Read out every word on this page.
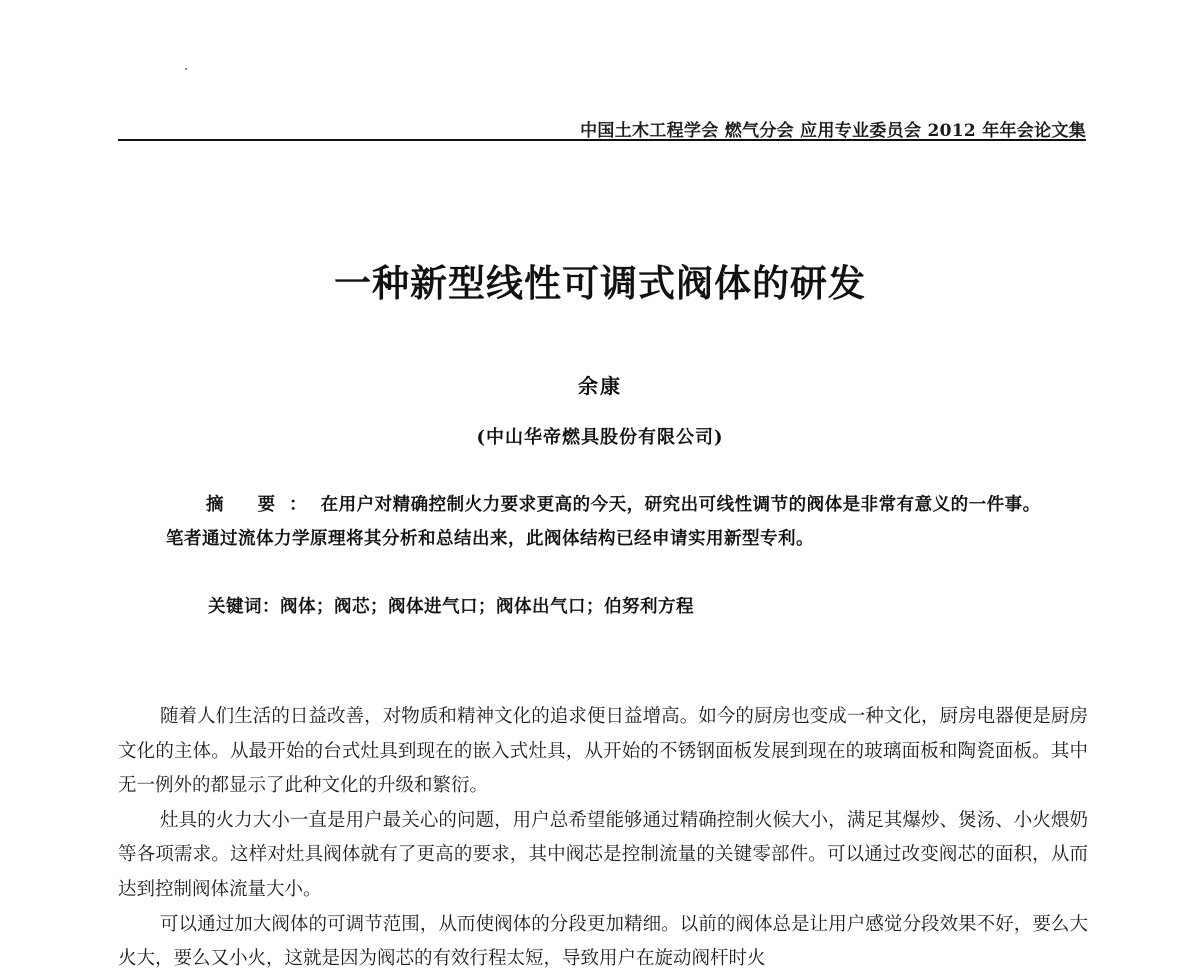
中国土木工程学会 燃气分会 应用专业委员会 2012 年年会论文集
一种新型线性可调式阀体的研发
余康
(中山华帝燃具股份有限公司)
摘 要：在用户对精确控制火力要求更高的今天，研究出可线性调节的阀体是非常有意义的一件事。笔者通过流体力学原理将其分析和总结出来，此阀体结构已经申请实用新型专利。
关键词：阀体；阀芯；阀体进气口；阀体出气口；伯努利方程

随着人们生活的日益改善，对物质和精神文化的追求便日益增高。如今的厨房也变成一种文化，厨房电器便是厨房文化的主体。从最开始的台式灶具到现在的嵌入式灶具，从开始的不锈钢面板发展到现在的玻璃面板和陶瓷面板。其中无一例外的都显示了此种文化的升级和繁衍。

灶具的火力大小一直是用户最关心的问题，用户总希望能够通过精确控制火候大小，满足其爆炒、煲汤、小火煨奶等各项需求。这样对灶具阀体就有了更高的要求，其中阀芯是控制流量的关键零部件。可以通过改变阀芯的面积，从而达到控制阀体流量大小。

可以通过加大阀体的可调节范围，从而使阀体的分段更加精细。以前的阀体总是让用户感觉分段效果不好，要么大火大，要么又小火，这就是因为阀芯的有效行程太短，导致用户在旋动阀杆时火
